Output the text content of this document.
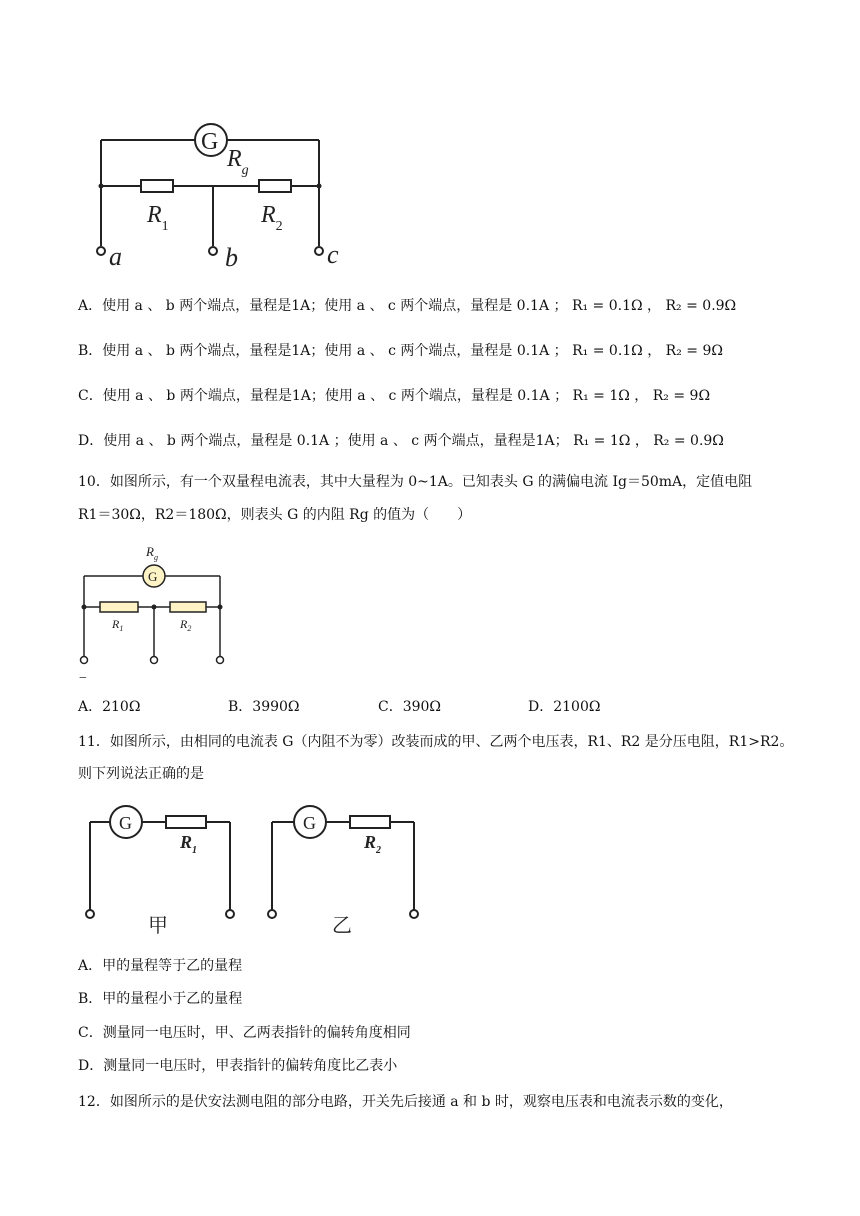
G
$R_g$
$R_1$	$R_2$
a	b	c
A．使用 a 、 b 两个端点，量程是1A；使用 a 、 c 两个端点，量程是 0.1A ； R₁ = 0.1Ω ， R₂ = 0.9Ω
B．使用 a 、 b 两个端点，量程是1A；使用 a 、 c 两个端点，量程是 0.1A ； R₁ = 0.1Ω ， R₂ = 9Ω
C．使用 a 、 b 两个端点，量程是1A；使用 a 、 c 两个端点，量程是 0.1A ； R₁ = 1Ω ， R₂ = 9Ω
D．使用 a 、 b 两个端点，量程是 0.1A ；使用 a 、 c 两个端点，量程是1A； R₁ = 1Ω ， R₂ = 0.9Ω
10．如图所示，有一个双量程电流表，其中大量程为 0~1A。已知表头 G 的满偏电流 Ig＝50mA，定值电阻
R1＝30Ω，R2＝180Ω，则表头 G 的内阻 Rg 的值为（　　）
G
$R_g$
$R_1$	$R_2$
−
A．210Ω	B．3990Ω	C．390Ω	D．2100Ω
11．如图所示，由相同的电流表 G（内阻不为零）改装而成的甲、乙两个电压表，R1、R2 是分压电阻，R1>R2。
则下列说法正确的是
G	G
$R_1$	$R_2$
甲	乙
A．甲的量程等于乙的量程
B．甲的量程小于乙的量程
C．测量同一电压时，甲、乙两表指针的偏转角度相同
D．测量同一电压时，甲表指针的偏转角度比乙表小
12．如图所示的是伏安法测电阻的部分电路，开关先后接通 a 和 b 时，观察电压表和电流表示数的变化，
